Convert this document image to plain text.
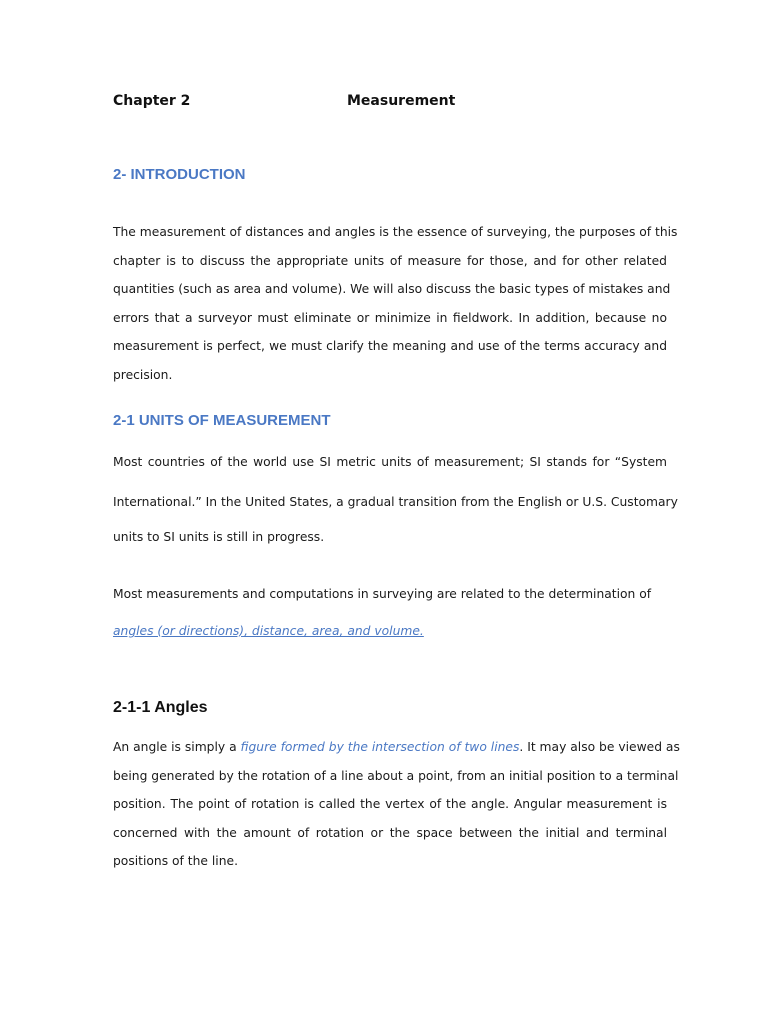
Chapter 2	Measurement
2- INTRODUCTION
The measurement of distances and angles is the essence of surveying, the purposes of this
chapter is to discuss the appropriate units of measure for those, and for other related
quantities (such as area and volume). We will also discuss the basic types of mistakes and
errors that a surveyor must eliminate or minimize in fieldwork. In addition, because no
measurement is perfect, we must clarify the meaning and use of the terms accuracy and
precision.
2-1 UNITS OF MEASUREMENT
Most countries of the world use SI metric units of measurement; SI stands for “System
International.” In the United States, a gradual transition from the English or U.S. Customary
units to SI units is still in progress.
Most measurements and computations in surveying are related to the determination of
angles (or directions), distance, area, and volume.
2-1-1 Angles
An angle is simply a figure formed by the intersection of two lines. It may also be viewed as
being generated by the rotation of a line about a point, from an initial position to a terminal
position. The point of rotation is called the vertex of the angle. Angular measurement is
concerned with the amount of rotation or the space between the initial and terminal
positions of the line.
